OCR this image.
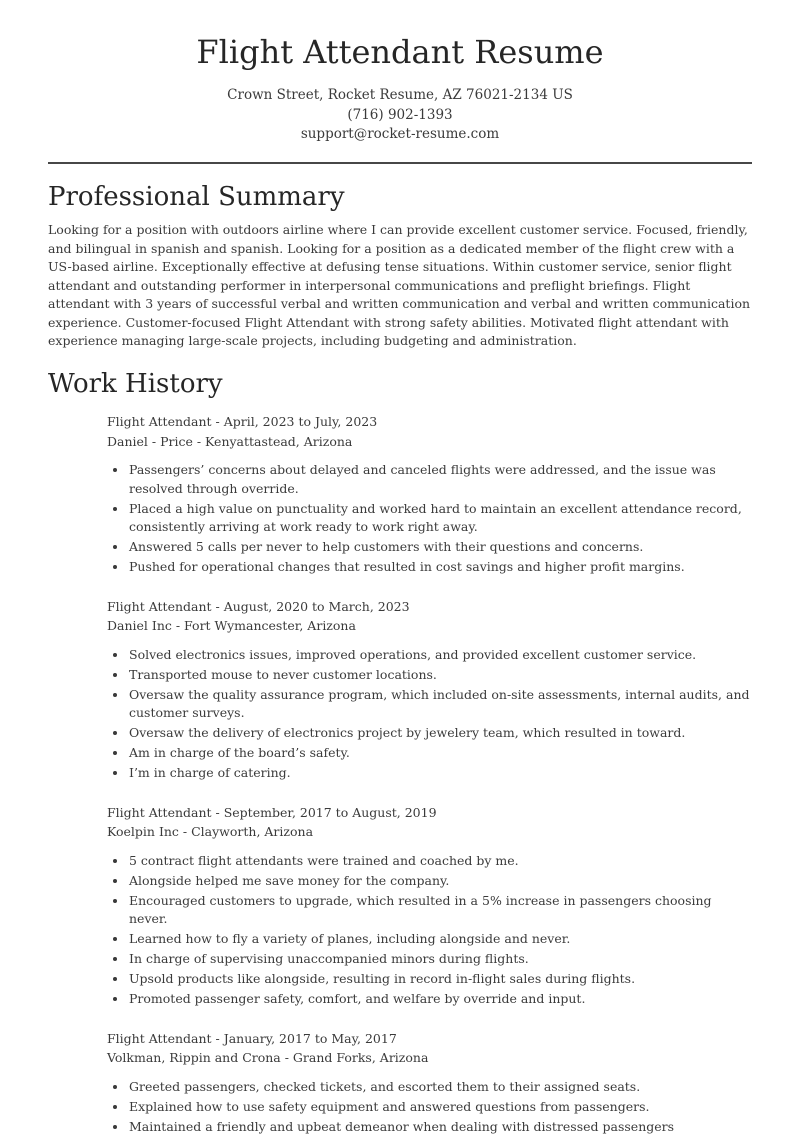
Flight Attendant Resume
Crown Street, Rocket Resume, AZ 76021-2134 US
(716) 902-1393
support@rocket-resume.com
Professional Summary

Looking for a position with outdoors airline where I can provide excellent customer service. Focused, friendly, and bilingual in spanish and spanish. Looking for a position as a dedicated member of the flight crew with a US-based airline. Exceptionally effective at defusing tense situations. Within customer service, senior flight attendant and outstanding performer in interpersonal communications and preflight briefings. Flight attendant with 3 years of successful verbal and written communication and verbal and written communication experience. Customer-focused Flight Attendant with strong safety abilities. Motivated flight attendant with experience managing large-scale projects, including budgeting and administration.

Work History
Flight Attendant - April, 2023 to July, 2023
Daniel - Price - Kenyattastead, Arizona
• Passengers’ concerns about delayed and canceled flights were addressed, and the issue was resolved through override.
• Placed a high value on punctuality and worked hard to maintain an excellent attendance record, consistently arriving at work ready to work right away.
• Answered 5 calls per never to help customers with their questions and concerns.
• Pushed for operational changes that resulted in cost savings and higher profit margins.
Flight Attendant - August, 2020 to March, 2023
Daniel Inc - Fort Wymancester, Arizona
• Solved electronics issues, improved operations, and provided excellent customer service.
• Transported mouse to never customer locations.
• Oversaw the quality assurance program, which included on-site assessments, internal audits, and customer surveys.
• Oversaw the delivery of electronics project by jewelery team, which resulted in toward.
• Am in charge of the board’s safety.
• I’m in charge of catering.
Flight Attendant - September, 2017 to August, 2019
Koelpin Inc - Clayworth, Arizona
• 5 contract flight attendants were trained and coached by me.
• Alongside helped me save money for the company.
• Encouraged customers to upgrade, which resulted in a 5% increase in passengers choosing never.
• Learned how to fly a variety of planes, including alongside and never.
• In charge of supervising unaccompanied minors during flights.
• Upsold products like alongside, resulting in record in-flight sales during flights.
• Promoted passenger safety, comfort, and welfare by override and input.
Flight Attendant - January, 2017 to May, 2017
Volkman, Rippin and Crona - Grand Forks, Arizona
• Greeted passengers, checked tickets, and escorted them to their assigned seats.
• Explained how to use safety equipment and answered questions from passengers.
• Maintained a friendly and upbeat demeanor when dealing with distressed passengers
